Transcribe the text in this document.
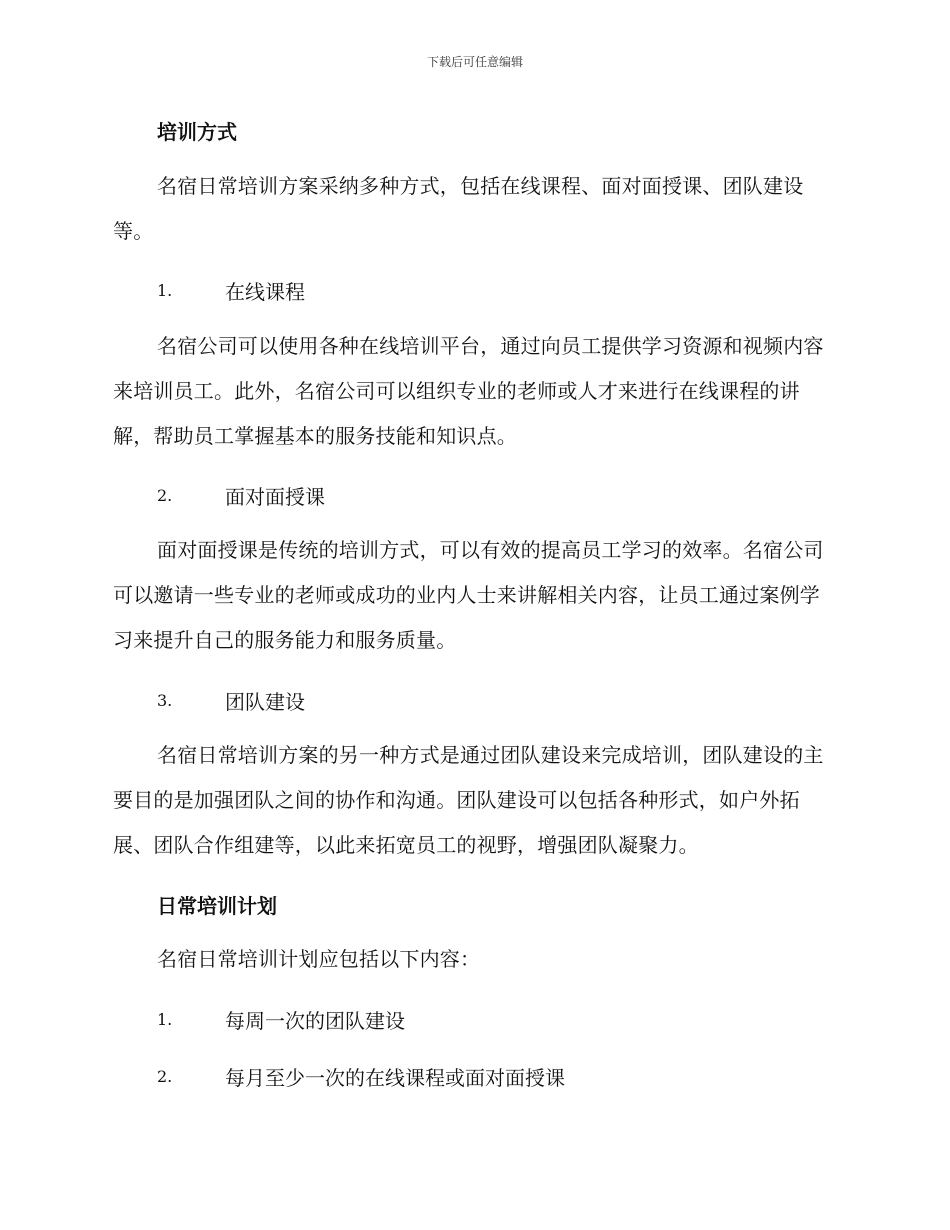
下载后可任意编辑
培训方式
名宿日常培训方案采纳多种方式，包括在线课程、面对面授课、团队建设等。
1.	在线课程
名宿公司可以使用各种在线培训平台，通过向员工提供学习资源和视频内容来培训员工。此外，名宿公司可以组织专业的老师或人才来进行在线课程的讲解，帮助员工掌握基本的服务技能和知识点。
2.	面对面授课
面对面授课是传统的培训方式，可以有效的提高员工学习的效率。名宿公司可以邀请一些专业的老师或成功的业内人士来讲解相关内容，让员工通过案例学习来提升自己的服务能力和服务质量。
3.	团队建设
名宿日常培训方案的另一种方式是通过团队建设来完成培训，团队建设的主要目的是加强团队之间的协作和沟通。团队建设可以包括各种形式，如户外拓展、团队合作组建等，以此来拓宽员工的视野，增强团队凝聚力。
日常培训计划
名宿日常培训计划应包括以下内容：
1.	每周一次的团队建设
2.	每月至少一次的在线课程或面对面授课
